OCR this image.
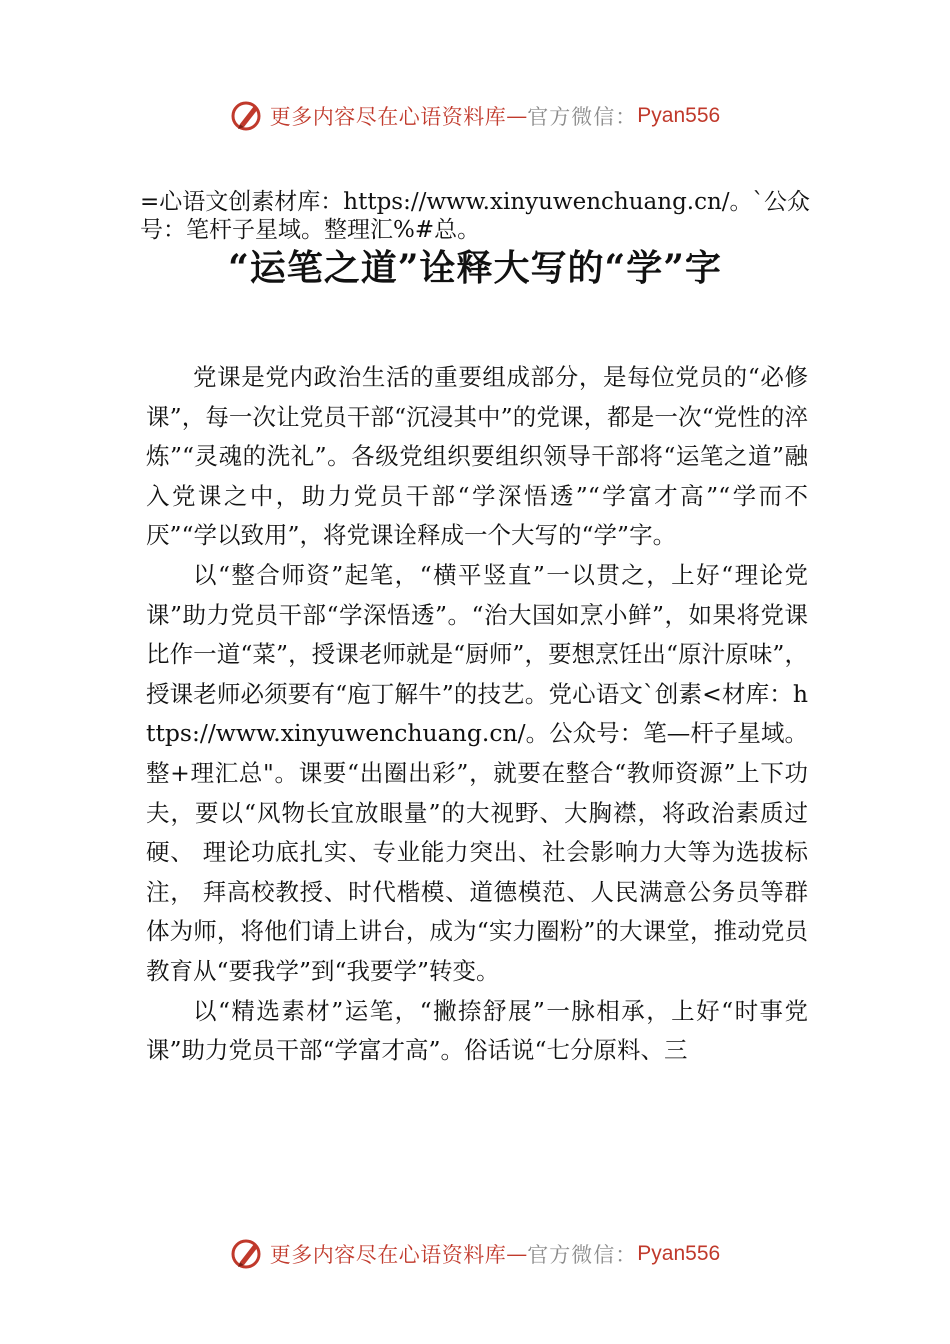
更多内容尽在心语资料库 — 官方微信： Pyan556
=心语文创素材库：https://www.xinyuwenchuang.cn/。`公众号：笔杆子星域。整理汇%#总。
“运笔之道”诠释大写的“学”字

党课是党内政治生活的重要组成部分，是每位党员的“必修课”，每一次让党员干部“沉浸其中”的党课，都是一次“党性的淬炼”“灵魂的洗礼”。各级党组织要组织领导干部将“运笔之道”融入党课之中，助力党员干部“学深悟透”“学富才高”“学而不厌”“学以致用”，将党课诠释成一个大写的“学”字。

以“整合师资”起笔，“横平竖直”一以贯之，上好“理论党课”助力党员干部“学深悟透”。“治大国如烹小鲜”，如果将党课比作一道“菜”，授课老师就是“厨师”，要想烹饪出“原汁原味”，授课老师必须要有“庖丁解牛”的技艺。党心语文`创素<材库：https://www.xinyuwenchuang.cn/。公众号：笔—杆子星域。整+理汇总"。课要“出圈出彩”，就要在整合“教师资源”上下功夫，要以“风物长宜放眼量”的大视野、大胸襟，将政治素质过硬、 理论功底扎实、专业能力突出、社会影响力大等为选拔标注， 拜高校教授、时代楷模、道德模范、人民满意公务员等群体为师，将他们请上讲台，成为“实力圈粉”的大课堂，推动党员教育从“要我学”到“我要学”转变。

以“精选素材”运笔，“撇捺舒展”一脉相承，上好“时事党课”助力党员干部“学富才高”。俗话说“七分原料、三

更多内容尽在心语资料库 — 官方微信： Pyan556
